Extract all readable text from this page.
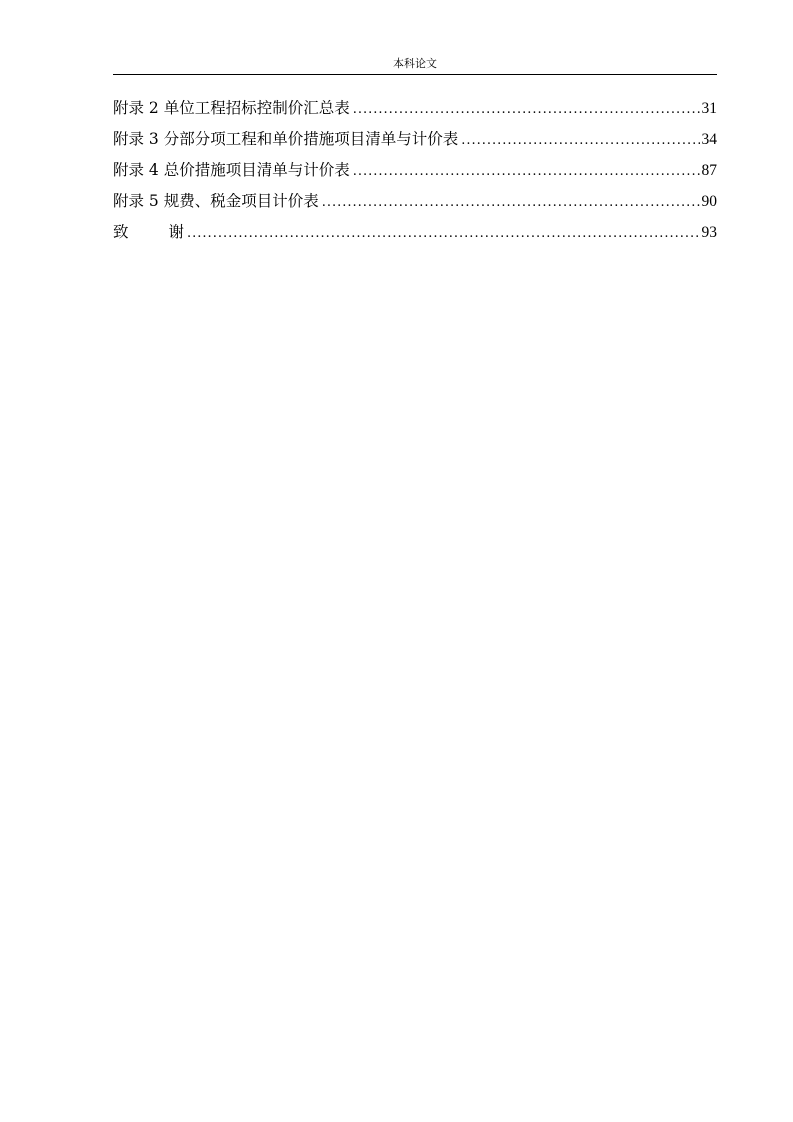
本科论文
附录 2 单位工程招标控制价汇总表 .....	31
附录 3 分部分项工程和单价措施项目清单与计价表 .....	34
附录 4 总价措施项目清单与计价表 .....	87
附录 5 规费、税金项目计价表 .....	90
致	谢 .....	93
